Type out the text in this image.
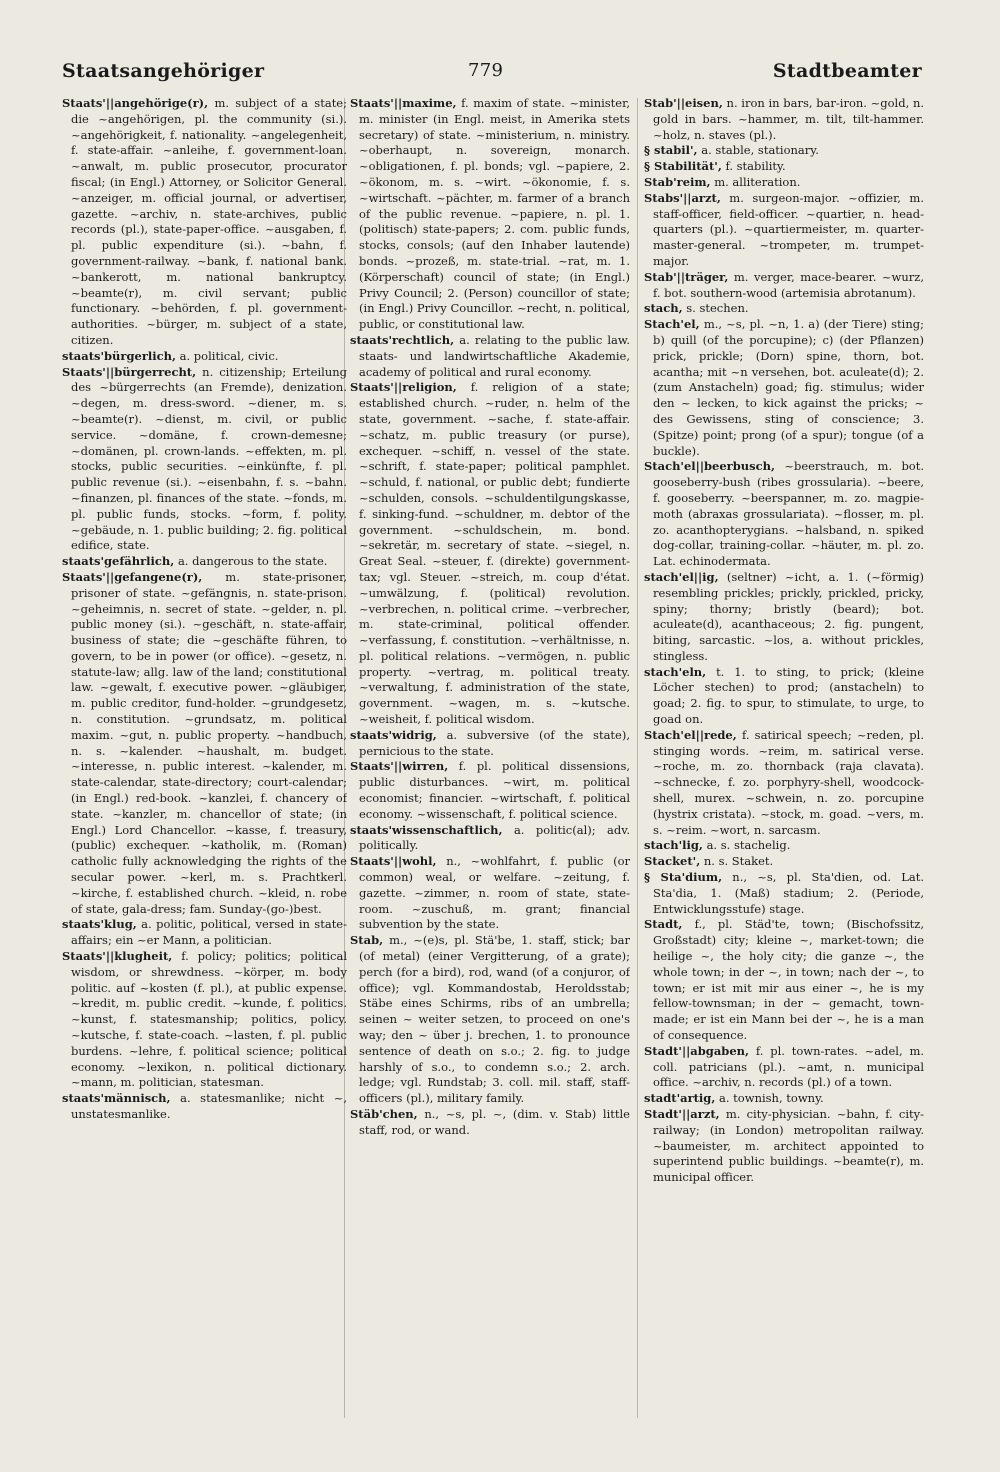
Staatsangehöriger	779	Stadtbeamter

Staats'||angehörige(r), m. subject of a state; die ~angehörigen, pl. the community (si.). ~angehörigkeit, f. nationality. ~angelegenheit, f. state-affair. ~anleihe, f. government-loan. ~anwalt, m. public prosecutor, procurator fiscal; (in Engl.) Attorney, or Solicitor General. ~anzeiger, m. official journal, or advertiser, gazette. ~archiv, n. state-archives, public records (pl.), state-paper-office. ~ausgaben, f. pl. public expenditure (si.). ~bahn, f. government-railway. ~bank, f. national bank. ~bankerott, m. national bankruptcy. ~beamte(r), m. civil servant; public functionary. ~behörden, f. pl. government-authorities. ~bürger, m. subject of a state, citizen.

staats'bürgerlich, a. political, civic.

Staats'||bürgerrecht, n. citizenship; Erteilung des ~bürgerrechts (an Fremde), denization. ~degen, m. dress-sword. ~diener, m. s. ~beamte(r). ~dienst, m. civil, or public service. ~domäne, f. crown-demesne; ~domänen, pl. crown-lands. ~effekten, m. pl. stocks, public securities. ~einkünfte, f. pl. public revenue (si.). ~eisenbahn, f. s. ~bahn. ~finanzen, pl. finances of the state. ~fonds, m. pl. public funds, stocks. ~form, f. polity. ~gebäude, n. 1. public building; 2. fig. political edifice, state.

staats'gefährlich, a. dangerous to the state.

Staats'||gefangene(r), m. state-prisoner, prisoner of state. ~gefängnis, n. state-prison. ~geheimnis, n. secret of state. ~gelder, n. pl. public money (si.). ~geschäft, n. state-affair, business of state; die ~geschäfte führen, to govern, to be in power (or office). ~gesetz, n. statute-law; allg. law of the land; constitutional law. ~gewalt, f. executive power. ~gläubiger, m. public creditor, fund-holder. ~grundgesetz, n. constitution. ~grundsatz, m. political maxim. ~gut, n. public property. ~handbuch, n. s. ~kalender. ~haushalt, m. budget. ~interesse, n. public interest. ~kalender, m. state-calendar, state-directory; court-calendar; (in Engl.) red-book. ~kanzlei, f. chancery of state. ~kanzler, m. chancellor of state; (in Engl.) Lord Chancellor. ~kasse, f. treasury, (public) exchequer. ~katholik, m. (Roman) catholic fully acknowledging the rights of the secular power. ~kerl, m. s. Prachtkerl. ~kirche, f. established church. ~kleid, n. robe of state, gala-dress; fam. Sunday-(go-)best.

staats'klug, a. politic, political, versed in state-affairs; ein ~er Mann, a politician.

Staats'||klugheit, f. policy; politics; political wisdom, or shrewdness. ~körper, m. body politic. auf ~kosten (f. pl.), at public expense. ~kredit, m. public credit. ~kunde, f. politics. ~kunst, f. statesmanship; politics, policy. ~kutsche, f. state-coach. ~lasten, f. pl. public burdens. ~lehre, f. political science; political economy. ~lexikon, n. political dictionary. ~mann, m. politician, statesman.

staats'männisch, a. statesmanlike; nicht ~, unstatesmanlike.

Staats'||maxime, f. maxim of state. ~minister, m. minister (in Engl. meist, in Amerika stets secretary) of state. ~ministerium, n. ministry. ~oberhaupt, n. sovereign, monarch. ~obligationen, f. pl. bonds; vgl. ~papiere, 2. ~ökonom, m. s. ~wirt. ~ökonomie, f. s. ~wirtschaft. ~pächter, m. farmer of a branch of the public revenue. ~papiere, n. pl. 1. (politisch) state-papers; 2. com. public funds, stocks, consols; (auf den Inhaber lautende) bonds. ~prozeß, m. state-trial. ~rat, m. 1. (Körperschaft) council of state; (in Engl.) Privy Council; 2. (Person) councillor of state; (in Engl.) Privy Councillor. ~recht, n. political, public, or constitutional law.

staats'rechtlich, a. relating to the public law. staats- und landwirtschaftliche Akademie, academy of political and rural economy.

Staats'||religion, f. religion of a state; established church. ~ruder, n. helm of the state, government. ~sache, f. state-affair. ~schatz, m. public treasury (or purse), exchequer. ~schiff, n. vessel of the state. ~schrift, f. state-paper; political pamphlet. ~schuld, f. national, or public debt; fundierte ~schulden, consols. ~schuldentilgungskasse, f. sinking-fund. ~schuldner, m. debtor of the government. ~schuldschein, m. bond. ~sekretär, m. secretary of state. ~siegel, n. Great Seal. ~steuer, f. (direkte) government-tax; vgl. Steuer. ~streich, m. coup d'état. ~umwälzung, f. (political) revolution. ~verbrechen, n. political crime. ~verbrecher, m. state-criminal, political offender. ~verfassung, f. constitution. ~verhältnisse, n. pl. political relations. ~vermögen, n. public property. ~vertrag, m. political treaty. ~verwaltung, f. administration of the state, government. ~wagen, m. s. ~kutsche. ~weisheit, f. political wisdom.

staats'widrig, a. subversive (of the state), pernicious to the state.

Staats'||wirren, f. pl. political dissensions, public disturbances. ~wirt, m. political economist; financier. ~wirtschaft, f. political economy. ~wissenschaft, f. political science.

staats'wissenschaftlich, a. politic(al); adv. politically.

Staats'||wohl, n., ~wohlfahrt, f. public (or common) weal, or welfare. ~zeitung, f. gazette. ~zimmer, n. room of state, state-room. ~zuschuß, m. grant; financial subvention by the state.

Stab, m., ~(e)s, pl. Stä'be, 1. staff, stick; bar (of metal) (einer Vergitterung, of a grate); perch (for a bird), rod, wand (of a conjuror, of office); vgl. Kommandostab, Heroldsstab; Stäbe eines Schirms, ribs of an umbrella; seinen ~ weiter setzen, to proceed on one's way; den ~ über j. brechen, 1. to pronounce sentence of death on s.o.; 2. fig. to judge harshly of s.o., to condemn s.o.; 2. arch. ledge; vgl. Rundstab; 3. coll. mil. staff, staff-officers (pl.), military family.

Stäb'chen, n., ~s, pl. ~, (dim. v. Stab) little staff, rod, or wand.

Stab'||eisen, n. iron in bars, bar-iron. ~gold, n. gold in bars. ~hammer, m. tilt, tilt-hammer. ~holz, n. staves (pl.).

§ stabil', a. stable, stationary.

§ Stabilität', f. stability.

Stab'reim, m. alliteration.

Stabs'||arzt, m. surgeon-major. ~offizier, m. staff-officer, field-officer. ~quartier, n. head-quarters (pl.). ~quartiermeister, m. quarter-master-general. ~trompeter, m. trumpet-major.

Stab'||träger, m. verger, mace-bearer. ~wurz, f. bot. southern-wood (artemisia abrotanum).

stach, s. stechen.

Stach'el, m., ~s, pl. ~n, 1. a) (der Tiere) sting; b) quill (of the porcupine); c) (der Pflanzen) prick, prickle; (Dorn) spine, thorn, bot. acantha; mit ~n versehen, bot. aculeate(d); 2. (zum Anstacheln) goad; fig. stimulus; wider den ~ lecken, to kick against the pricks; ~ des Gewissens, sting of conscience; 3. (Spitze) point; prong (of a spur); tongue (of a buckle).

Stach'el||beerbusch, ~beerstrauch, m. bot. gooseberry-bush (ribes grossularia). ~beere, f. gooseberry. ~beerspanner, m. zo. magpie-moth (abraxas grossulariata). ~flosser, m. pl. zo. acanthopterygians. ~halsband, n. spiked dog-collar, training-collar. ~häuter, m. pl. zo. Lat. echinodermata.

stach'el||ig, (seltner) ~icht, a. 1. (~förmig) resembling prickles; prickly, prickled, pricky, spiny; thorny; bristly (beard); bot. aculeate(d), acanthaceous; 2. fig. pungent, biting, sarcastic. ~los, a. without prickles, stingless.

stach'eln, t. 1. to sting, to prick; (kleine Löcher stechen) to prod; (anstacheln) to goad; 2. fig. to spur, to stimulate, to urge, to goad on.

Stach'el||rede, f. satirical speech; ~reden, pl. stinging words. ~reim, m. satirical verse. ~roche, m. zo. thornback (raja clavata). ~schnecke, f. zo. porphyry-shell, woodcock-shell, murex. ~schwein, n. zo. porcupine (hystrix cristata). ~stock, m. goad. ~vers, m. s. ~reim. ~wort, n. sarcasm.

stach'lig, a. s. stachelig.

Stacket', n. s. Staket.

§ Sta'dium, n., ~s, pl. Sta'dien, od. Lat. Sta'dia, 1. (Maß) stadium; 2. (Periode, Entwicklungsstufe) stage.

Stadt, f., pl. Städ'te, town; (Bischofssitz, Großstadt) city; kleine ~, market-town; die heilige ~, the holy city; die ganze ~, the whole town; in der ~, in town; nach der ~, to town; er ist mit mir aus einer ~, he is my fellow-townsman; in der ~ gemacht, town-made; er ist ein Mann bei der ~, he is a man of consequence.

Stadt'||abgaben, f. pl. town-rates. ~adel, m. coll. patricians (pl.). ~amt, n. municipal office. ~archiv, n. records (pl.) of a town.

stadt'artig, a. townish, towny.

Stadt'||arzt, m. city-physician. ~bahn, f. city-railway; (in London) metropolitan railway. ~baumeister, m. architect appointed to superintend public buildings. ~beamte(r), m. municipal officer.
